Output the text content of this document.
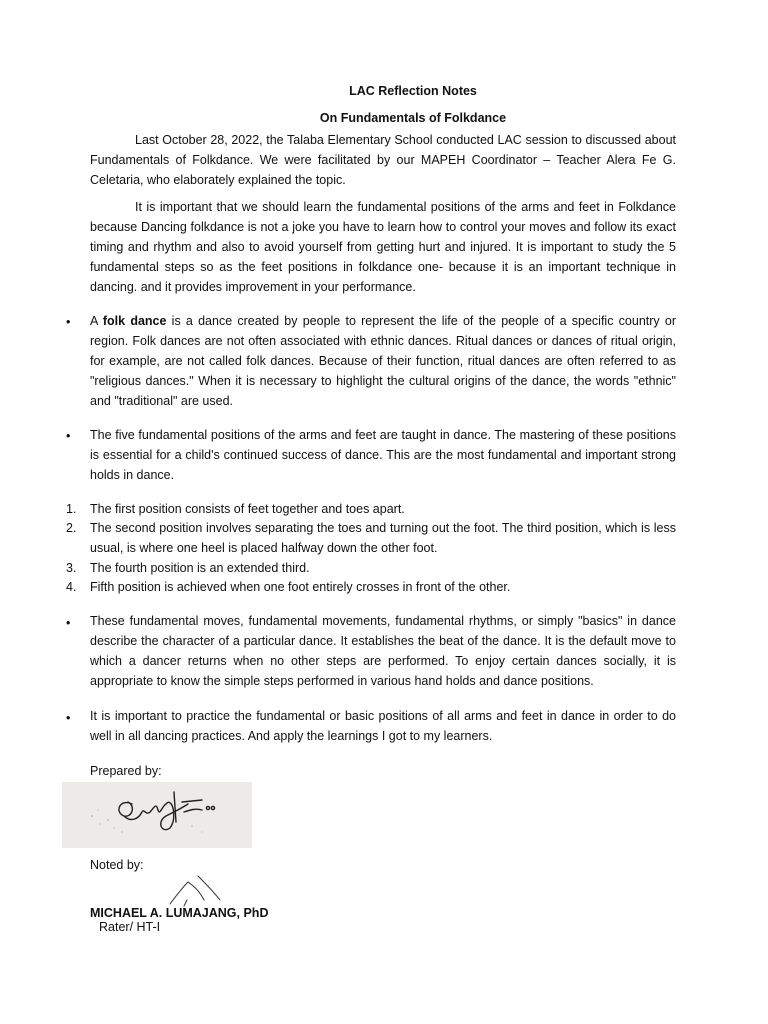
LAC Reflection Notes
On Fundamentals of Folkdance

Last October 28, 2022, the Talaba Elementary School conducted LAC session to discussed about Fundamentals of Folkdance. We were facilitated by our MAPEH Coordinator – Teacher Alera Fe G. Celetaria, who elaborately explained the topic.

It is important that we should learn the fundamental positions of the arms and feet in Folkdance because Dancing folkdance is not a joke you have to learn how to control your moves and follow its exact timing and rhythm and also to avoid yourself from getting hurt and injured. It is important to study the 5 fundamental steps so as the feet positions in folkdance one- because it is an important technique in dancing. and it provides improvement in your performance.

• A folk dance is a dance created by people to represent the life of the people of a specific country or region. Folk dances are not often associated with ethnic dances. Ritual dances or dances of ritual origin, for example, are not called folk dances. Because of their function, ritual dances are often referred to as "religious dances." When it is necessary to highlight the cultural origins of the dance, the words "ethnic" and "traditional" are used.

• The five fundamental positions of the arms and feet are taught in dance. The mastering of these positions is essential for a child's continued success of dance. This are the most fundamental and important strong holds in dance.

1. The first position consists of feet together and toes apart.

2. The second position involves separating the toes and turning out the foot. The third position, which is less usual, is where one heel is placed halfway down the other foot.

3. The fourth position is an extended third.

4. Fifth position is achieved when one foot entirely crosses in front of the other.

• These fundamental moves, fundamental movements, fundamental rhythms, or simply "basics" in dance describe the character of a particular dance. It establishes the beat of the dance. It is the default move to which a dancer returns when no other steps are performed. To enjoy certain dances socially, it is appropriate to know the simple steps performed in various hand holds and dance positions.

• It is important to practice the fundamental or basic positions of all arms and feet in dance in order to do well in all dancing practices. And apply the learnings I got to my learners.

Prepared by:
Noted by:
MICHAEL A. LUMAJANG, PhD
Rater/ HT-I
